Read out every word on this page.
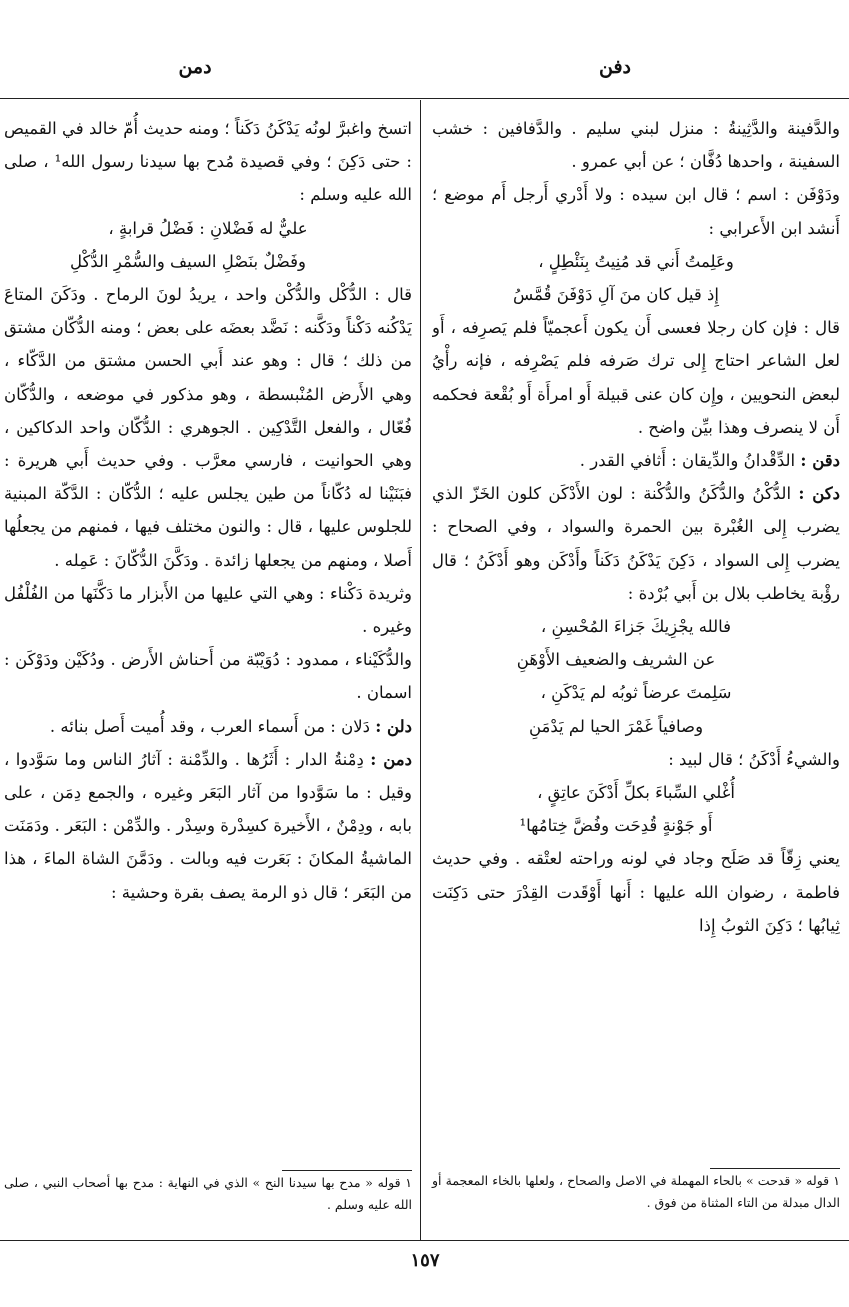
دفن
دمن

والدَّفينة والدَّثِينةُ : منزل لبني سليم . والدَّفافين : خشب السفينة ، واحدها دُفَّان ؛ عن أبي عمرو .

ودَوْفَن : اسم ؛ قال ابن سيده : ولا أَدْري أَرجل أَم موضع ؛ أَنشد ابن الأَعرابي :

وعَلِمتُ أَني قد مُنِيتُ بِنَئْطِلٍ ،

إِذ قيل كان منَ آلِ دَوْفَنَ قُمَّسُ

قال : فإن كان رجلا فعسى أَن يكون أَعجميّاً فلم يَصرِفه ، أَو لعل الشاعر احتاج إِلى ترك صَرفه فلم يَصْرِفه ، فإنه رأْيُ لبعض النحويين ، وإِن كان عنى قبيلة أَو امرأَة أَو بُقْعة فحكمه أَن لا ينصرف وهذا بيِّن واضح .

دقن : الدِّقْدانُ والدِّيقان : أَثافي القدر .

دكن : الدُّكْنُ والدُّكَنُ والدُّكْنة : لون الأَدْكَن كلون الخَزّ الذي يضرب إِلى الغُبْرة بين الحمرة والسواد ، وفي الصحاح : يضرب إِلى السواد ، دَكِنَ يَدْكَنُ دَكَناً وأَدْكَن وهو أَدْكَنُ ؛ قال رؤْبة يخاطب بلال بن أَبي بُرْدة :

فالله يجْزِيكَ جَزاءَ المُحْسِنِ ،

عن الشريف والضعيف الأَوْهَنِ

سَلِمتَ عرضاً ثوبُه لم يَدْكَنِ ،

وصافياً غَمْرَ الحيا لم يَدْمَنِ

والشيءُ أَدْكَنُ ؛ قال لبيد :

أُغْلي السِّباءَ بكلِّ أَدْكَنَ عاتِقٍ ،

أَو جَوْنةٍ قُدِحَت وفُضَّ خِتامُها¹

يعني زِقّاً قد صَلَح وجاد في لونه وراحته لعتْقه . وفي حديث فاطمة ، رضوان الله عليها : أَنها أَوْقَدت القِدْرَ حتى دَكِنَت ثِيابُها ؛ دَكِنَ الثوبُ إِذا

اتسخ واغبرَّ لونُه يَدْكَنُ دَكَناً ؛ ومنه حديث أُمّ خالد في القميص : حتى دَكِنَ ؛ وفي قصيدة مُدح بها سيدنا رسول الله¹ ، صلى الله عليه وسلم :

عليٌّ له فَضْلانِ : فَضْلُ قرابةٍ ،

وفَضْلٌ بنَصْلِ السيف والسُّمْرِ الدُّكْلِ

قال : الدُّكْل والدُّكْن واحد ، يريدُ لونَ الرماح . ودَكَنَ المتاعَ يَدْكُنه دَكْناً ودَكَّنه : نَضَّد بعضَه على بعض ؛ ومنه الدُّكّان مشتق من ذلك ؛ قال : وهو عند أَبي الحسن مشتق من الدَّكّاء ، وهي الأَرض المُنْبسطة ، وهو مذكور في موضعه ، والدُّكّان فُعّال ، والفعل التَّدْكِين . الجوهري : الدُّكّان واحد الدكاكين ، وهي الحوانيت ، فارسي معرَّب . وفي حديث أَبي هريرة : فبَنَيْنا له دُكّاناً من طين يجلس عليه ؛ الدُّكّان : الدَّكّة المبنية للجلوس عليها ، قال : والنون مختلف فيها ، فمنهم من يجعلُها أَصلا ، ومنهم من يجعلها زائدة . ودَكَّنَ الدُّكّانَ : عَمِله .

وثريدة دَكْناء : وهي التي عليها من الأَبزار ما دَكَّنَها من الفُلْفُل وغيره .

والدُّكَيْناء ، ممدود : دُوَيْبّة من أَحناش الأَرض . ودُكَيْن ودَوْكَن : اسمان .

دلن : دَلان : من أَسماء العرب ، وقد أُميت أَصل بنائه .

دمن : دِمْنةُ الدار : أَثَرُها . والدِّمْنة : آثارُ الناس وما سَوَّدوا ، وقيل : ما سَوَّدوا من آثار البَعَر وغيره ، والجمع دِمَن ، على بابه ، ودِمْنٌ ، الأَخيرة كسِدْرة وسِدْر . والدِّمْن : البَعَر . ودَمَنَت الماشيةُ المكانَ : بَعَرت فيه وبالت . ودَمَّنَ الشاة الماءَ ، هذا من البَعَر ؛ قال ذو الرمة يصف بقرة وحشية :

١ قوله « قدحت » بالحاء المهملة في الاصل والصحاح ، ولعلها بالخاء المعجمة أو الدال مبدلة من التاء المثناة من فوق .
١ قوله « مدح بها سيدنا النح » الذي في النهاية : مدح بها أصحاب النبي ، صلى الله عليه وسلم .
١٥٧
